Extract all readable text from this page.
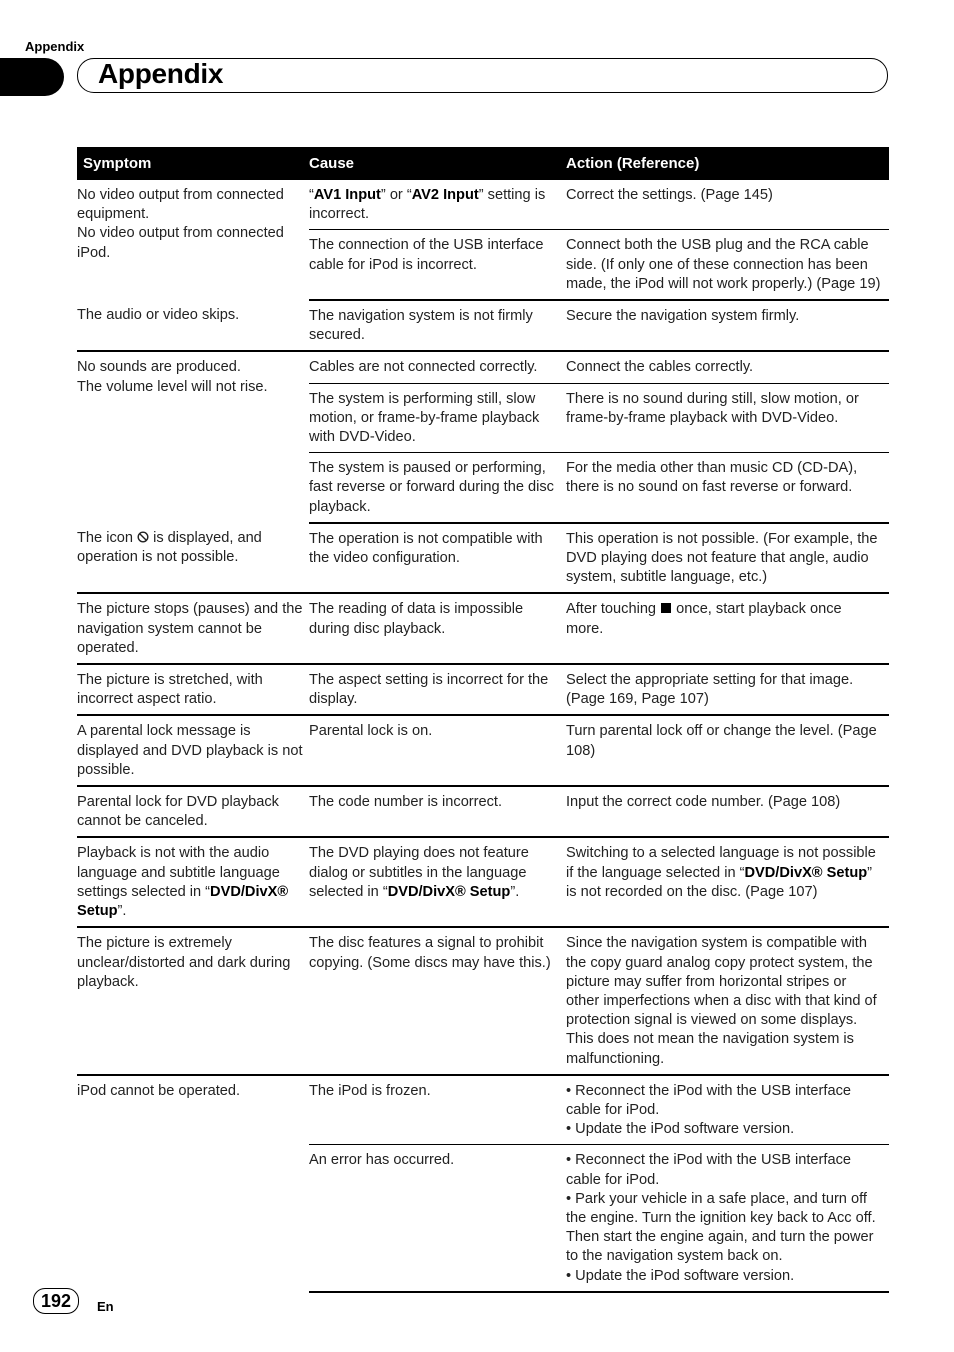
Appendix
Appendix
Symptom	Cause	Action (Reference)

No video output from connected equipment.
No video output from connected iPod.	“AV1 Input” or “AV2 Input” setting is incorrect.	Correct the settings. (Page 145)
	The connection of the USB interface cable for iPod is incorrect.	Connect both the USB plug and the RCA cable side. (If only one of these connection has been made, the iPod will not work properly.) (Page 19)
The audio or video skips.	The navigation system is not firmly secured.	Secure the navigation system firmly.

No sounds are produced.
The volume level will not rise.	Cables are not connected correctly.	Connect the cables correctly.
	The system is performing still, slow motion, or frame-by-frame playback with DVD-Video.	There is no sound during still, slow motion, or frame-by-frame playback with DVD-Video.
	The system is paused or performing, fast reverse or forward during the disc playback.	For the media other than music CD (CD-DA), there is no sound on fast reverse or forward.
The icon  is displayed, and operation is not possible.	The operation is not compatible with the video configuration.	This operation is not possible. (For example, the DVD playing does not feature that angle, audio system, subtitle language, etc.)
The picture stops (pauses) and the navigation system cannot be operated.	The reading of data is impossible during disc playback.	After touching  once, start playback once more.
The picture is stretched, with incorrect aspect ratio.	The aspect setting is incorrect for the display.	Select the appropriate setting for that image. (Page 169, Page 107)
A parental lock message is displayed and DVD playback is not possible.	Parental lock is on.	Turn parental lock off or change the level. (Page 108)
Parental lock for DVD playback cannot be canceled.	The code number is incorrect.	Input the correct code number. (Page 108)
Playback is not with the audio language and subtitle language settings selected in “DVD/DivX® Setup”.	The DVD playing does not feature dialog or subtitles in the language selected in “DVD/DivX® Setup”.	Switching to a selected language is not possible if the language selected in “DVD/DivX® Setup” is not recorded on the disc. (Page 107)
The picture is extremely unclear/distorted and dark during playback.	The disc features a signal to prohibit copying. (Some discs may have this.)	Since the navigation system is compatible with the copy guard analog copy protect system, the picture may suffer from horizontal stripes or other imperfections when a disc with that kind of protection signal is viewed on some displays. This does not mean the navigation system is malfunctioning.
iPod cannot be operated.	The iPod is frozen.	• Reconnect the iPod with the USB interface cable for iPod.
• Update the iPod software version.

	An error has occurred.	• Reconnect the iPod with the USB interface cable for iPod.
• Park your vehicle in a safe place, and turn off the engine. Turn the ignition key back to Acc off. Then start the engine again, and turn the power to the navigation system back on.
• Update the iPod software version.
192	En
